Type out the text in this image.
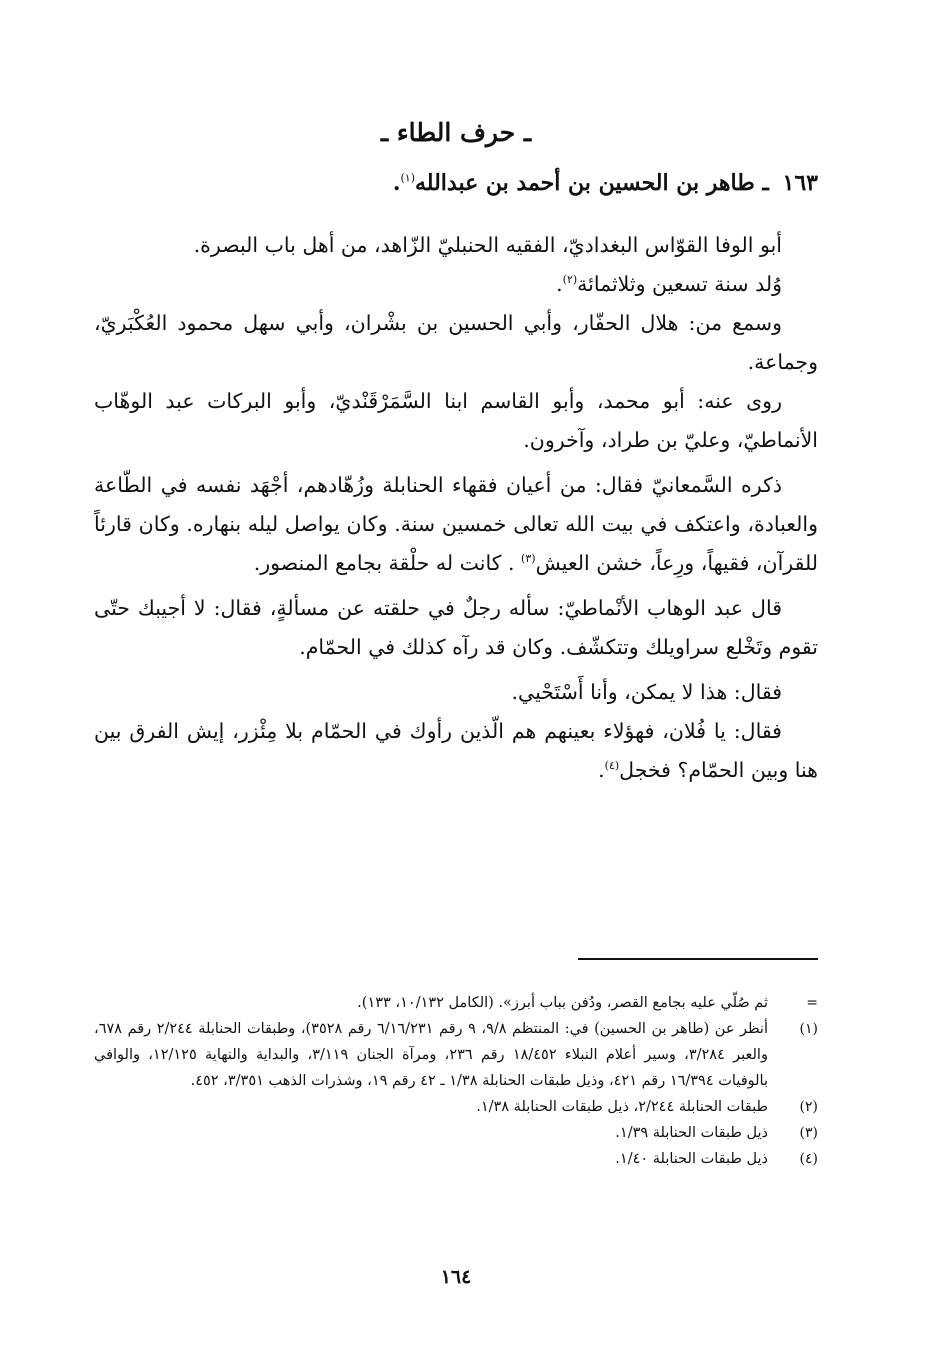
ـ حرف الطاء ـ
١٦٣ ـ طاهر بن الحسين بن أحمد بن عبدالله$^{(١)}$.

أبو الوفا القوّاس البغداديّ، الفقيه الحنبليّ الزّاهد، من أهل باب البصرة.

وُلد سنة تسعين وثلاثمائة$^{(٢)}$.

وسمع من: هلال الحفّار، وأبي الحسين بن بشْران، وأبي سهل محمود العُكْبَريّ، وجماعة.

روى عنه: أبو محمد، وأبو القاسم ابنا السَّمَرْقَنْديّ، وأبو البركات عبد الوهّاب الأنماطيّ، وعليّ بن طراد، وآخرون.

ذكره السَّمعانيّ فقال: من أعيان فقهاء الحنابلة وزُهّادهم، أجْهَد نفسه في الطّاعة والعبادة، واعتكف في بيت الله تعالى خمسين سنة. وكان يواصل ليله بنهاره. وكان قارئاً للقرآن، فقيهاً، ورِعاً، خشن العيش$^{(٣)}$ . كانت له حلْقة بجامع المنصور.

قال عبد الوهاب الأنْماطيّ: سأله رجلٌ في حلقته عن مسألةٍ، فقال: لا أجيبك حتّى تقوم وتَخْلع سراويلك وتتكشّف. وكان قد رآه كذلك في الحمّام.

فقال: هذا لا يمكن، وأنا أَسْتَحْيي.

فقال: يا فُلان، فهؤلاء بعينهم هم الّذين رأوك في الحمّام بلا مِئْزر، إيش الفرق بين هنا وبين الحمّام؟ فخجل$^{(٤)}$.

=
ثم صُلّي عليه بجامع القصر، ودُفن بباب أبرز». (الكامل ١٠/١٣٢، ١٣٣).
(١)
أنظر عن (طاهر بن الحسين) في: المنتظم ٩/٨، ٩ رقم ٦/١٦/٢٣١ رقم ٣٥٢٨)، وطبقات الحنابلة ٢/٢٤٤ رقم ٦٧٨، والعبر ٣/٢٨٤، وسير أعلام النبلاء ١٨/٤٥٢ رقم ٢٣٦، ومرآة الجنان ٣/١١٩، والبداية والنهاية ١٢/١٢٥، والوافي بالوفيات ١٦/٣٩٤ رقم ٤٢١، وذيل طبقات الحنابلة ١/٣٨ ـ ٤٢ رقم ١٩، وشذرات الذهب ٣/٣٥١، ٤٥٢.
(٢)
طبقات الحنابلة ٢/٢٤٤، ذيل طبقات الحنابلة ١/٣٨.
(٣)
ذيل طبقات الحنابلة ١/٣٩.
(٤)
ذيل طبقات الحنابلة ١/٤٠.
١٦٤
